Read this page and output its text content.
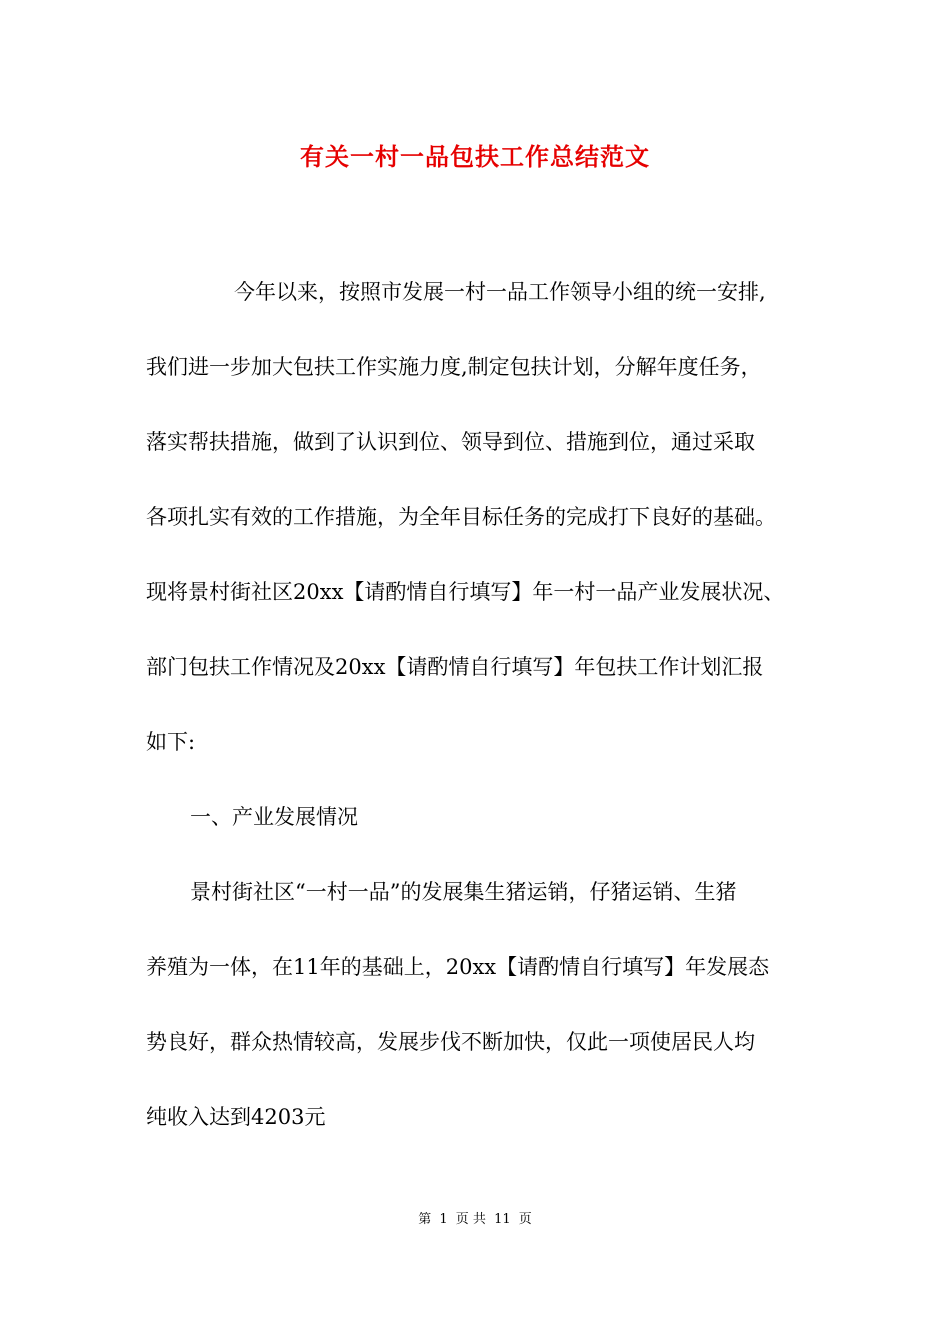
有关一村一品包扶工作总结范文
今年以来，按照市发展一村一品工作领导小组的统一安排,
我们进一步加大包扶工作实施力度,制定包扶计划，分解年度任务，
落实帮扶措施，做到了认识到位、领导到位、措施到位，通过采取
各项扎实有效的工作措施，为全年目标任务的完成打下良好的基础。
现将景村街社区20xx【请酌情自行填写】年一村一品产业发展状况、
部门包扶工作情况及20xx【请酌情自行填写】年包扶工作计划汇报
如下:
一、产业发展情况
景村街社区“一村一品”的发展集生猪运销，仔猪运销、生猪
养殖为一体，在11年的基础上，20xx【请酌情自行填写】年发展态
势良好，群众热情较高，发展步伐不断加快，仅此一项使居民人均
纯收入达到4203元
第 1 页 共 11 页
